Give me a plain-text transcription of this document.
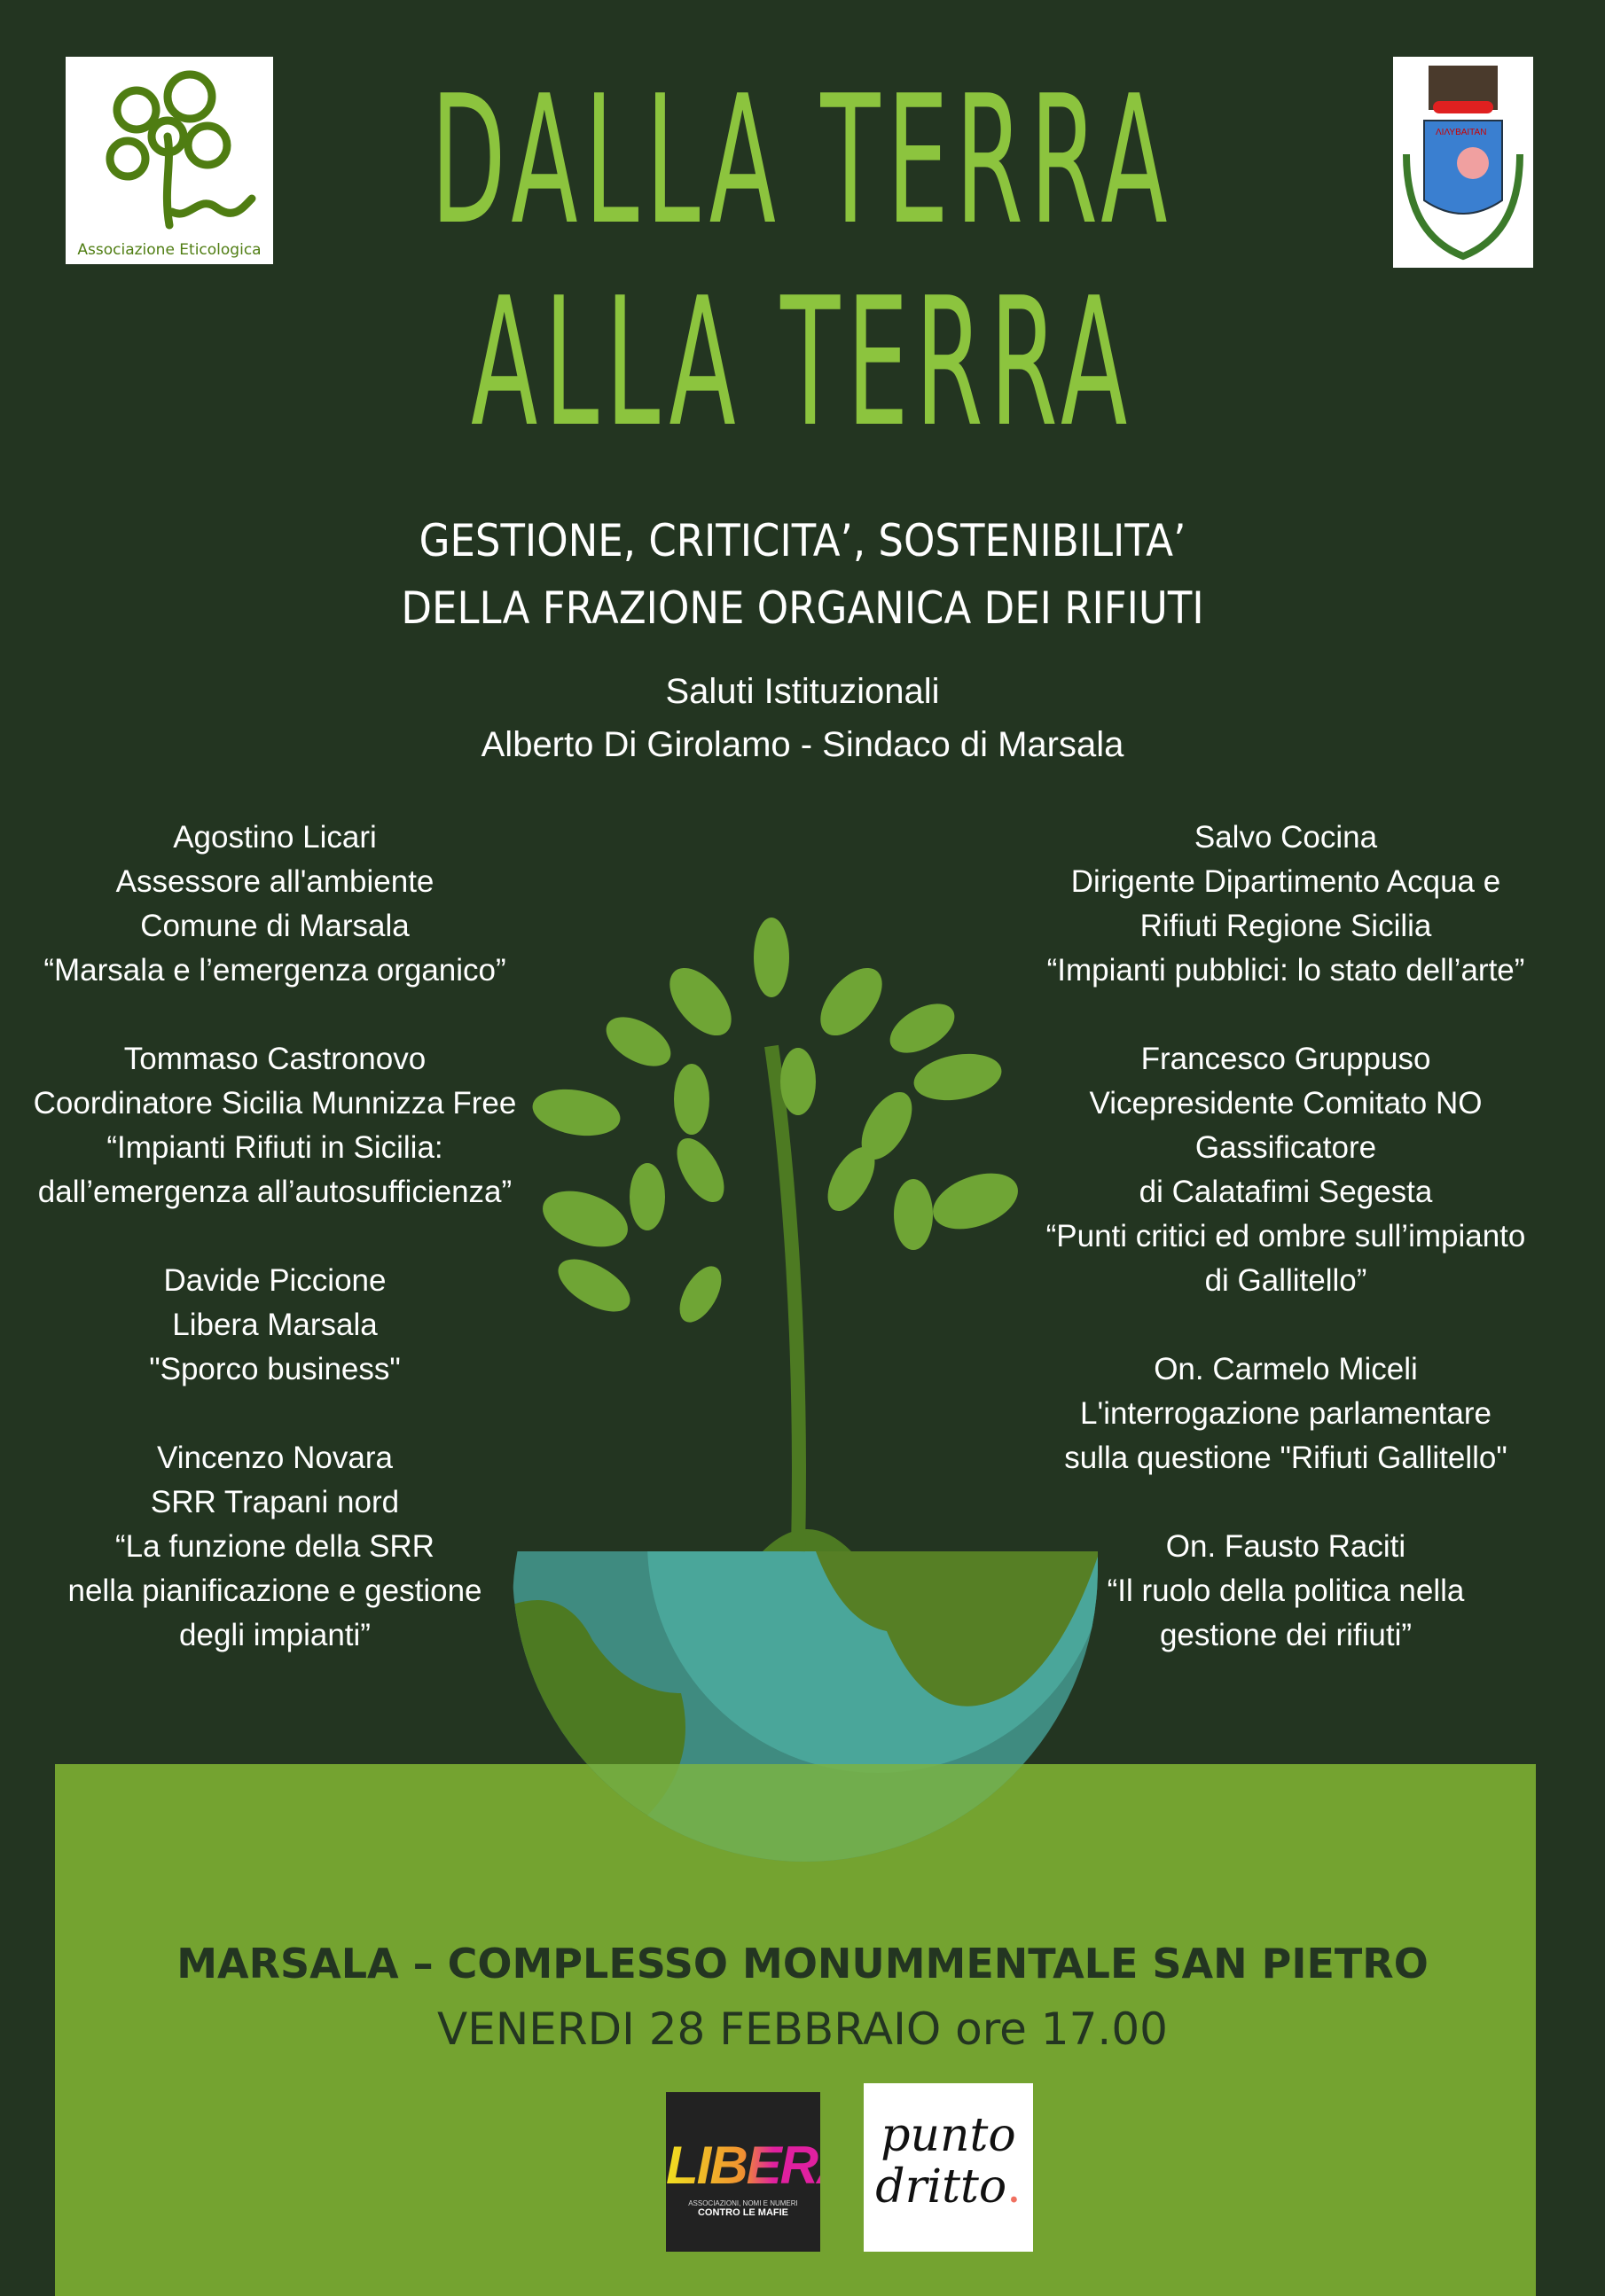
Associazione Eticologica
ΛΙΛΥΒΑΙΤΑΝ
DALLA TERRA
ALLA TERRA
GESTIONE, CRITICITA’, SOSTENIBILITA’
DELLA FRAZIONE ORGANICA DEI RIFIUTI
Saluti Istituzionali
Alberto Di Girolamo - Sindaco di Marsala
Agostino Licari
Assessore all'ambiente
Comune di Marsala
“Marsala e l’emergenza organico”
Tommaso Castronovo
Coordinatore Sicilia Munnizza Free
“Impianti Rifiuti in Sicilia:
dall’emergenza all’autosufficienza”
Davide Piccione
Libera Marsala
"Sporco business"
Vincenzo Novara
SRR Trapani nord
“La funzione della SRR
nella pianificazione e gestione
degli impianti”
Salvo Cocina
Dirigente Dipartimento Acqua e
Rifiuti Regione Sicilia
“Impianti pubblici: lo stato dell’arte”
Francesco Gruppuso
Vicepresidente Comitato NO Gassificatore
di Calatafimi Segesta
“Punti critici ed ombre sull’impianto
di Gallitello”
On. Carmelo Miceli
L'interrogazione parlamentare
sulla questione "Rifiuti Gallitello"
On. Fausto Raciti
“Il ruolo della politica nella
gestione dei rifiuti”
MARSALA – COMPLESSO MONUMMENTALE SAN PIETRO
VENERDI 28 FEBBRAIO ore 17.00
LIBERA
ASSOCIAZIONI, NOMI E NUMERI
CONTRO LE MAFIE
punto
dritto.
